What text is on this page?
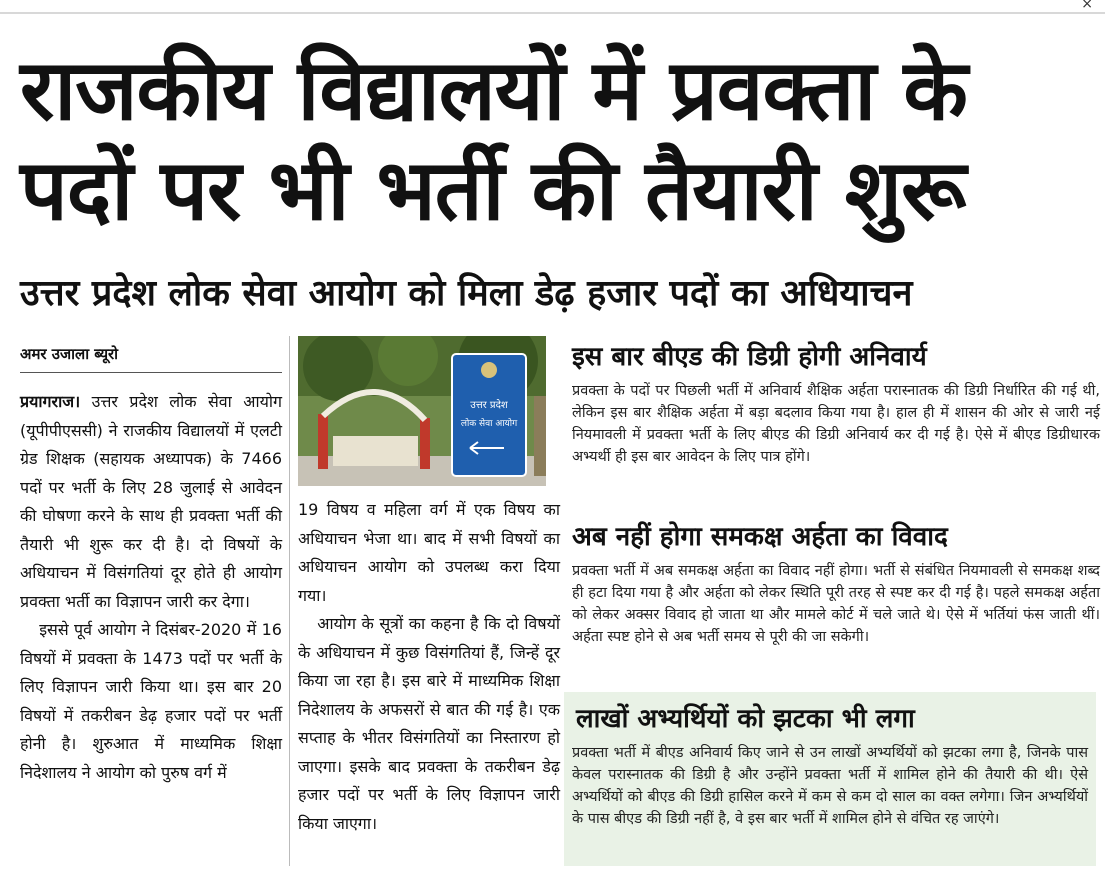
×
राजकीय विद्यालयों में प्रवक्ता के पदों पर भी भर्ती की तैयारी शुरू
उत्तर प्रदेश लोक सेवा आयोग को मिला डेढ़ हजार पदों का अधियाचन
अमर उजाला ब्यूरो

प्रयागराज। उत्तर प्रदेश लोक सेवा आयोग (यूपीपीएससी) ने राजकीय विद्यालयों में एलटी ग्रेड शिक्षक (सहायक अध्यापक) के 7466 पदों पर भर्ती के लिए 28 जुलाई से आवेदन की घोषणा करने के साथ ही प्रवक्ता भर्ती की तैयारी भी शुरू कर दी है। दो विषयों के अधियाचन में विसंगतियां दूर होते ही आयोग प्रवक्ता भर्ती का विज्ञापन जारी कर देगा।

इससे पूर्व आयोग ने दिसंबर-2020 में 16 विषयों में प्रवक्ता के 1473 पदों पर भर्ती के लिए विज्ञापन जारी किया था। इस बार 20 विषयों में तकरीबन डेढ़ हजार पदों पर भर्ती होनी है। शुरुआत में माध्यमिक शिक्षा निदेशालय ने आयोग को पुरुष वर्ग में

उत्तर प्रदेश
लोक सेवा आयोग

19 विषय व महिला वर्ग में एक विषय का अधियाचन भेजा था। बाद में सभी विषयों का अधियाचन आयोग को उपलब्ध करा दिया गया।

आयोग के सूत्रों का कहना है कि दो विषयों के अधियाचन में कुछ विसंगतियां हैं, जिन्हें दूर किया जा रहा है। इस बारे में माध्यमिक शिक्षा निदेशालय के अफसरों से बात की गई है। एक सप्ताह के भीतर विसंगतियों का निस्तारण हो जाएगा। इसके बाद प्रवक्ता के तकरीबन डेढ़ हजार पदों पर भर्ती के लिए विज्ञापन जारी किया जाएगा।

इस बार बीएड की डिग्री होगी अनिवार्य

प्रवक्ता के पदों पर पिछली भर्ती में अनिवार्य शैक्षिक अर्हता परास्नातक की डिग्री निर्धारित की गई थी, लेकिन इस बार शैक्षिक अर्हता में बड़ा बदलाव किया गया है। हाल ही में शासन की ओर से जारी नई नियमावली में प्रवक्ता भर्ती के लिए बीएड की डिग्री अनिवार्य कर दी गई है। ऐसे में बीएड डिग्रीधारक अभ्यर्थी ही इस बार आवेदन के लिए पात्र होंगे।

अब नहीं होगा समकक्ष अर्हता का विवाद

प्रवक्ता भर्ती में अब समकक्ष अर्हता का विवाद नहीं होगा। भर्ती से संबंधित नियमावली से समकक्ष शब्द ही हटा दिया गया है और अर्हता को लेकर स्थिति पूरी तरह से स्पष्ट कर दी गई है। पहले समकक्ष अर्हता को लेकर अक्सर विवाद हो जाता था और मामले कोर्ट में चले जाते थे। ऐसे में भर्तियां फंस जाती थीं। अर्हता स्पष्ट होने से अब भर्ती समय से पूरी की जा सकेगी।

लाखों अभ्यर्थियों को झटका भी लगा

प्रवक्ता भर्ती में बीएड अनिवार्य किए जाने से उन लाखों अभ्यर्थियों को झटका लगा है, जिनके पास केवल परास्नातक की डिग्री है और उन्होंने प्रवक्ता भर्ती में शामिल होने की तैयारी की थी। ऐसे अभ्यर्थियों को बीएड की डिग्री हासिल करने में कम से कम दो साल का वक्त लगेगा। जिन अभ्यर्थियों के पास बीएड की डिग्री नहीं है, वे इस बार भर्ती में शामिल होने से वंचित रह जाएंगे।
